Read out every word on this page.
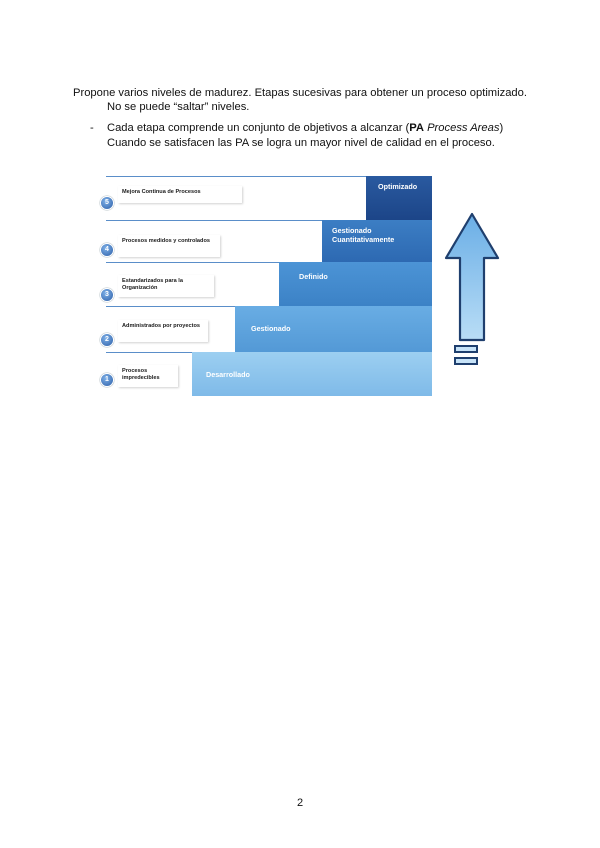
Propone varios niveles de madurez. Etapas sucesivas para obtener un proceso optimizado.
No se puede “saltar” niveles.
- Cada etapa comprende un conjunto de objetivos a alcanzar (PA Process Areas)
Cuando se satisfacen las PA se logra un mayor nivel de calidad en el proceso.
Optimizado
Gestionado
Cuantitativamente
Definido
Gestionado
Desarrollado
Mejora Continua de Procesos
Procesos medidos y controlados
Estandarizados para la Organización
Administrados por proyectos
Procesos impredecibles
5
4
3
2
1
2
